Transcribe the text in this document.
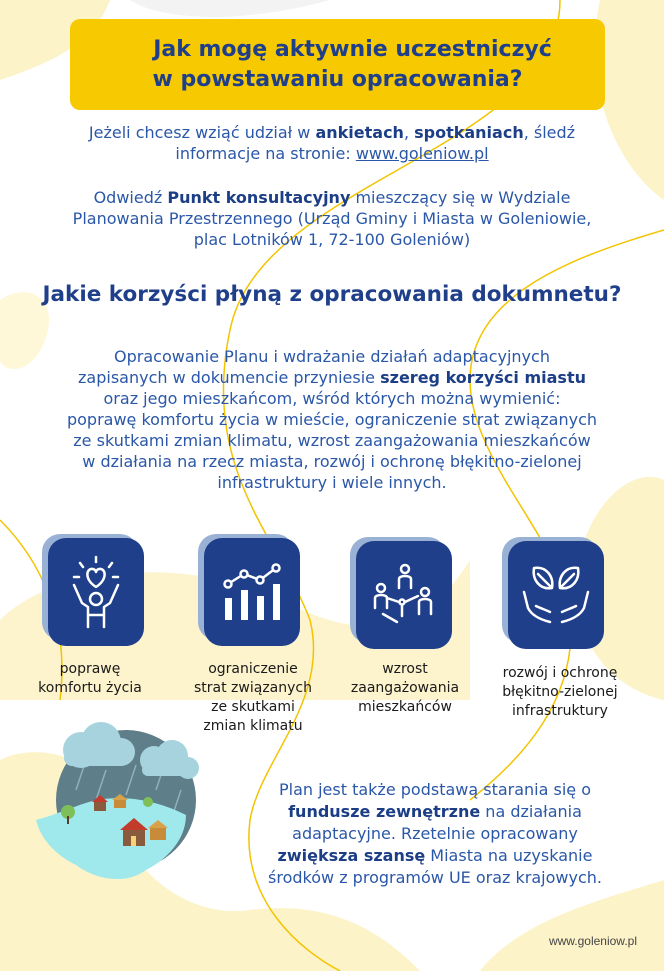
Jak mogę aktywnie uczestniczyć
w powstawaniu opracowania?
Jeżeli chcesz wziąć udział w ankietach, spotkaniach, śledź
informacje na stronie: www.goleniow.pl
Odwiedź Punkt konsultacyjny mieszczący się w Wydziale
Planowania Przestrzennego (Urząd Gminy i Miasta w Goleniowie,
plac Lotników 1, 72-100 Goleniów)
Jakie korzyści płyną z opracowania dokumnetu?
Opracowanie Planu i wdrażanie działań adaptacyjnych
zapisanych w dokumencie przyniesie szereg korzyści miastu
oraz jego mieszkańcom, wśród których można wymienić:
poprawę komfortu życia w mieście, ograniczenie strat związanych
ze skutkami zmian klimatu, wzrost zaangażowania mieszkańców
w działania na rzecz miasta, rozwój i ochronę błękitno-zielonej
infrastruktury i wiele innych.
poprawę
komfortu życia
ograniczenie
strat związanych
ze skutkami
zmian klimatu
wzrost
zaangażowania
mieszkańców
rozwój i ochronę
błękitno-zielonej
infrastruktury
Plan jest także podstawą starania się o
fundusze zewnętrzne na działania
adaptacyjne. Rzetelnie opracowany
zwiększa szansę Miasta na uzyskanie
środków z programów UE oraz krajowych.
www.goleniow.pl
